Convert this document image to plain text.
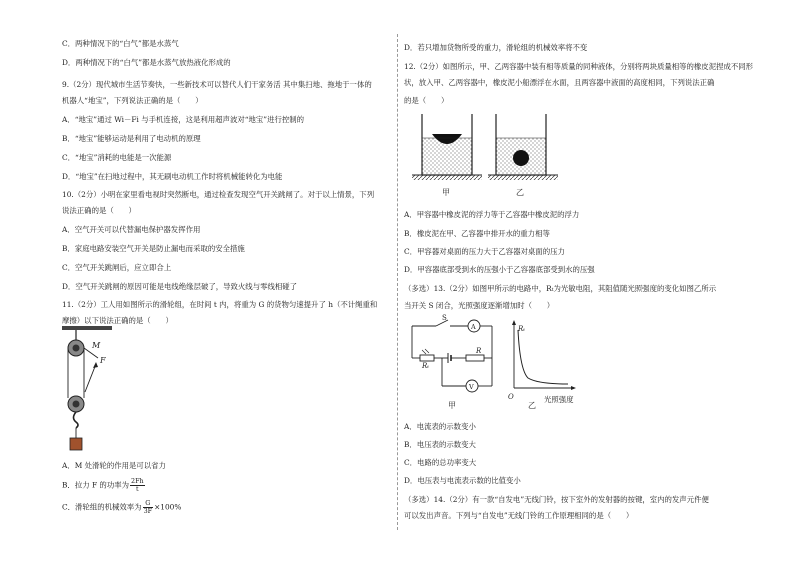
C．两种情况下的“白气”都是水蒸气
D．两种情况下的“白气”都是水蒸气放热液化形成的
9.（2分）现代城市生活节奏快，一些新技术可以替代人们干家务活 其中集扫地、拖地于一体的
机器人“地宝”，下列说法正确的是（　　）
A．“地宝”通过 Wi－Fi 与手机连接，这是利用超声波对“地宝”进行控制的
B．“地宝”能够运动是利用了电动机的原理
C．“地宝”消耗的电能是一次能源
D．“地宝”在扫地过程中，其无刷电动机工作时将机械能转化为电能
10.（2分）小明在家里看电视时突然断电，通过检查发现空气开关跳闸了。对于以上情景，下列
说法正确的是（　　）
A．空气开关可以代替漏电保护器发挥作用
B．家庭电路安装空气开关是防止漏电而采取的安全措施
C．空气开关跳闸后，应立即合上
D．空气开关跳闸的原因可能是电线绝缘层破了，导致火线与零线相碰了
11.（2分）工人用如图所示的滑轮组，在时间 t 内，将重为 G 的货物匀速提升了 h（不计绳重和
摩擦）以下说法正确的是（　　）
M
F
A．M 处滑轮的作用是可以省力
B．拉力 F 的功率为 $\frac{2Fh}{t}$
C．滑轮组的机械效率为 $\frac{G}{3F} \times 100\%$
D．若只增加货物所受的重力，滑轮组的机械效率将不变
12.（2分）如图所示，甲、乙两容器中装有相等质量的同种液体，分别将两块质量相等的橡皮泥捏成不同形
状，放入甲、乙两容器中，橡皮泥小船漂浮在水面，且两容器中液面的高度相同，下列说法正确
的是（　　）
甲	乙
A．甲容器中橡皮泥的浮力等于乙容器中橡皮泥的浮力
B．橡皮泥在甲、乙容器中排开水的重力相等
C．甲容器对桌面的压力大于乙容器对桌面的压力
D．甲容器底部受到水的压强小于乙容器底部受到水的压强
（多选）13.（2分）如图甲所示的电路中，Rₜ为光敏电阻，其阻值随光照强度的变化如图乙所示
当开关 S 闭合，光照强度逐渐增加时（　　）
S
A
R
Rₜ
V
甲
Rₜ
O
乙
光照强度
A．电流表的示数变小
B．电压表的示数变大
C．电路的总功率变大
D．电压表与电流表示数的比值变小
（多选）14.（2分）有一款“自发电”无线门铃，按下室外的发射器的按键，室内的发声元件便
可以发出声音。下列与“自发电”无线门铃的工作原理相同的是（　　）
